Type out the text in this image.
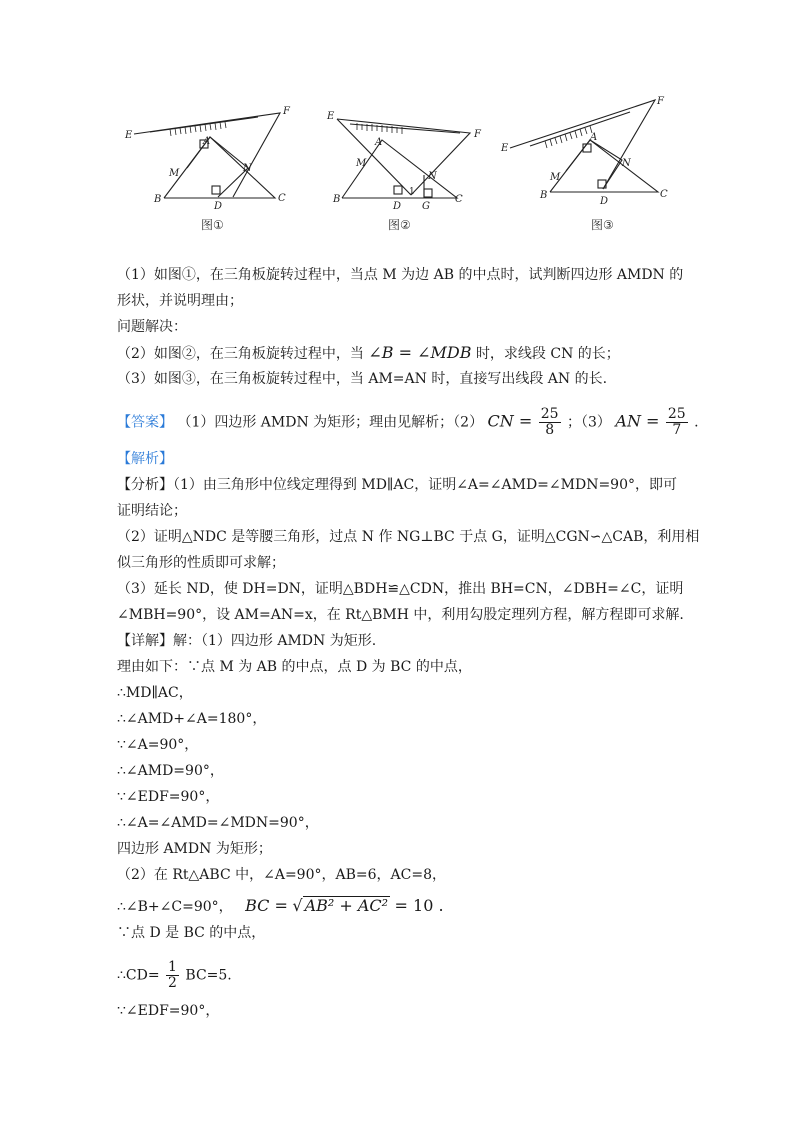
E
F
A
M	N
B
D
C
E
F
A
M
N
B
D G
C
1
E
F
A
M
N
B
D
C
图①	图②	图③
（1）如图①，在三角板旋转过程中，当点 M 为边 AB 的中点时，试判断四边形 AMDN 的
形状，并说明理由；
问题解决：
（2）如图②，在三角板旋转过程中，当 ∠B = ∠MDB 时，求线段 CN 的长；
（3）如图③，在三角板旋转过程中，当 AM=AN 时，直接写出线段 AN 的长.
【答案】 （1）四边形 AMDN 为矩形；理由见解析；（2） CN = $\frac{25}{8}$ ；（3） AN = $\frac{25}{7}$ .
【解析】
【分析】（1）由三角形中位线定理得到 MD∥AC，证明∠A=∠AMD=∠MDN=90°，即可
证明结论；
（2）证明△NDC 是等腰三角形，过点 N 作 NG⊥BC 于点 G，证明△CGN∽△CAB，利用相
似三角形的性质即可求解；
（3）延长 ND，使 DH=DN，证明△BDH≌△CDN，推出 BH=CN，∠DBH=∠C，证明
∠MBH=90°，设 AM=AN=x，在 Rt△BMH 中，利用勾股定理列方程，解方程即可求解.
【详解】解：（1）四边形 AMDN 为矩形.
理由如下：∵点 M 为 AB 的中点，点 D 为 BC 的中点，
∴MD∥AC，
∴∠AMD+∠A=180°，
∵∠A=90°，
∴∠AMD=90°，
∵∠EDF=90°，
∴∠A=∠AMD=∠MDN=90°，
四边形 AMDN 为矩形；
（2）在 Rt△ABC 中，∠A=90°，AB=6，AC=8，
∴∠B+∠C=90°， BC = √ AB² + AC² = 10 .
∵点 D 是 BC 的中点，
∴CD= $\frac{1}{2} BC=5$.
∵∠EDF=90°，
